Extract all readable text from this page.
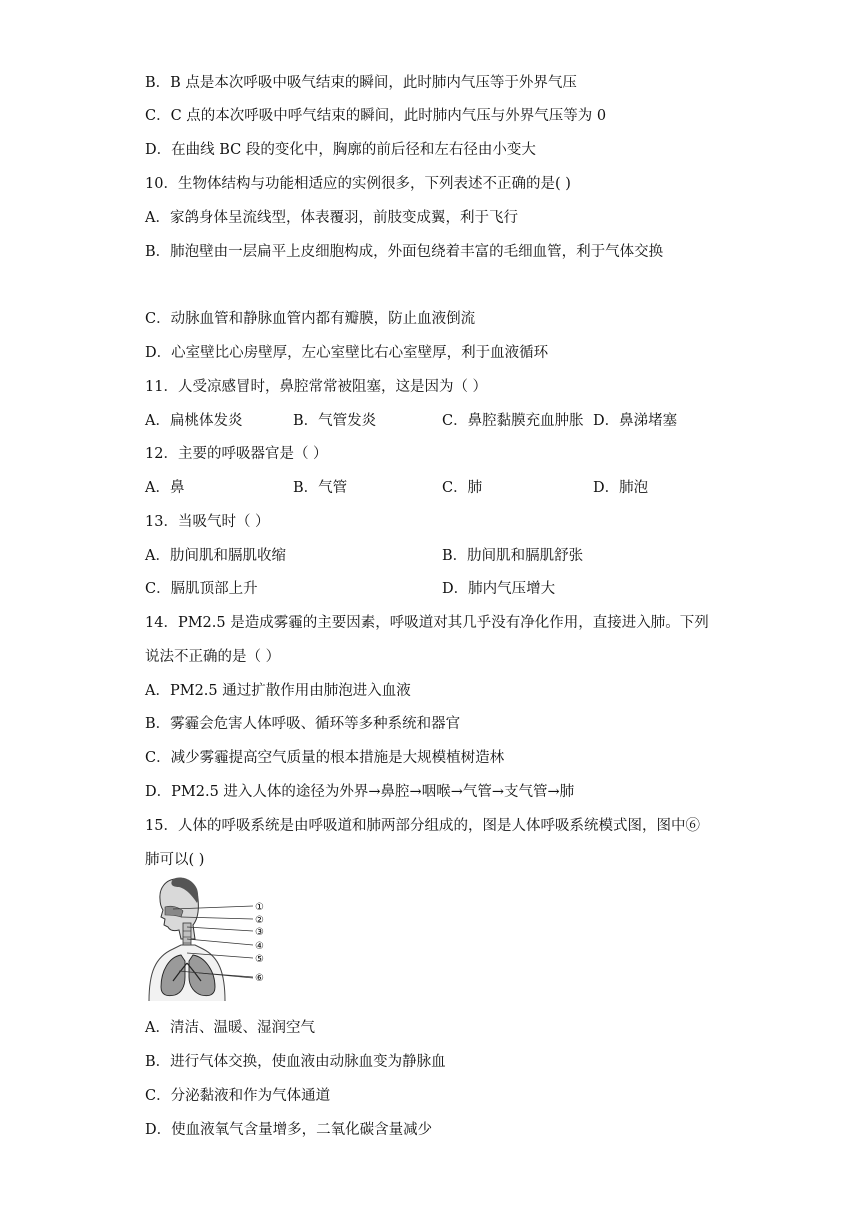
B．B 点是本次呼吸中吸气结束的瞬间，此时肺内气压等于外界气压
C．C 点的本次呼吸中呼气结束的瞬间，此时肺内气压与外界气压等为 0
D．在曲线 BC 段的变化中，胸廓的前后径和左右径由小变大
10．生物体结构与功能相适应的实例很多，下列表述不正确的是( )
A．家鸽身体呈流线型，体表覆羽，前肢变成翼，利于飞行
B．肺泡壁由一层扁平上皮细胞构成，外面包绕着丰富的毛细血管，利于气体交换
C．动脉血管和静脉血管内都有瓣膜，防止血液倒流
D．心室壁比心房壁厚，左心室壁比右心室壁厚，利于血液循环
11．人受凉感冒时，鼻腔常常被阻塞，这是因为（ ）
A．扁桃体发炎	B．气管发炎	C．鼻腔黏膜充血肿胀 D．鼻涕堵塞
12．主要的呼吸器官是（ ）
A．鼻	B．气管	C．肺	D．肺泡
13．当吸气时（ ）
A．肋间肌和膈肌收缩	B．肋间肌和膈肌舒张
C．膈肌顶部上升	D．肺内气压增大
14．PM2.5 是造成雾霾的主要因素，呼吸道对其几乎没有净化作用，直接进入肺。下列
说法不正确的是（ ）
A．PM2.5 通过扩散作用由肺泡进入血液
B．雾霾会危害人体呼吸、循环等多种系统和器官
C．减少雾霾提高空气质量的根本措施是大规模植树造林
D．PM2.5 进入人体的途径为外界→鼻腔→咽喉→气管→支气管→肺
15．人体的呼吸系统是由呼吸道和肺两部分组成的，图是人体呼吸系统模式图，图中⑥
肺可以( )
①
②
③
④
⑤
⑥
A．清洁、温暖、湿润空气
B．进行气体交换，使血液由动脉血变为静脉血
C．分泌黏液和作为气体通道
D．使血液氧气含量增多，二氧化碳含量减少
